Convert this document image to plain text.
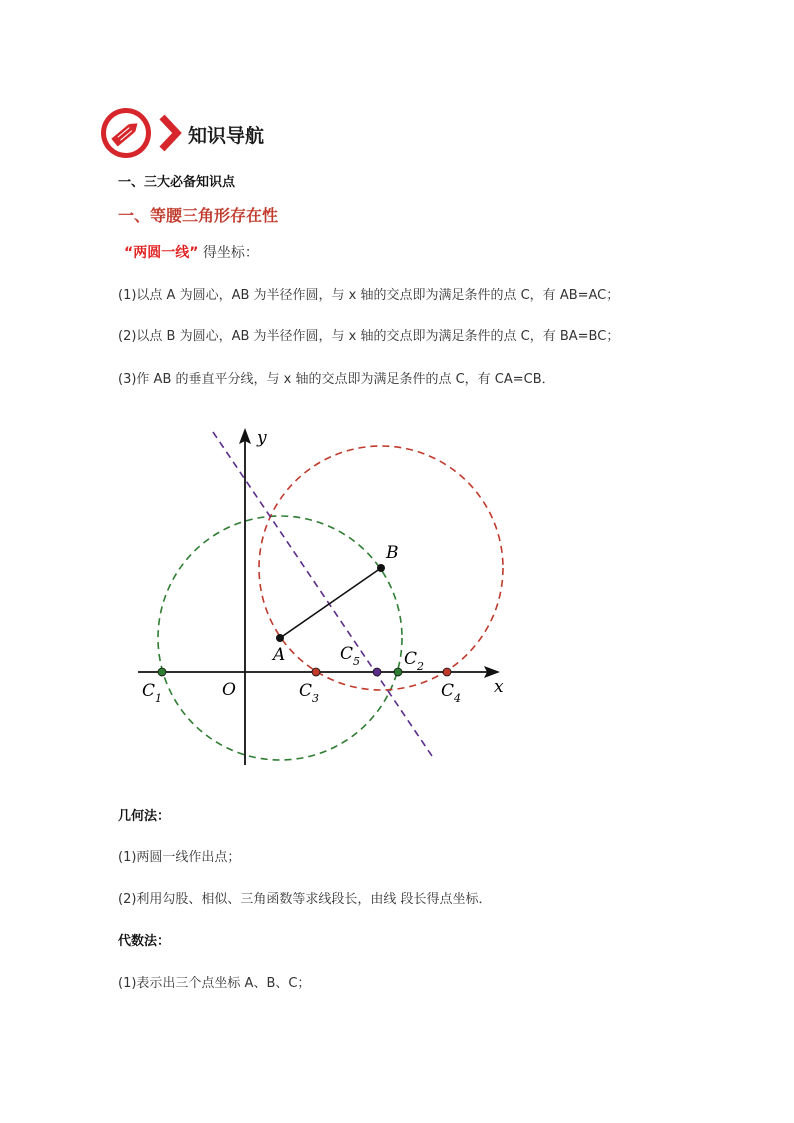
知识导航
一、三大必备知识点
一、等腰三角形存在性
“两圆一线” 得坐标：
(1)以点 A 为圆心，AB 为半径作圆，与 x 轴的交点即为满足条件的点 C，有 AB=AC；
(2)以点 B 为圆心，AB 为半径作圆，与 x 轴的交点即为满足条件的点 C，有 BA=BC；
(3)作 AB 的垂直平分线，与 x 轴的交点即为满足条件的点 C，有 CA=CB．
y
x
O
A
B
C 1
C 2
C 3	C 4
C 5
几何法：
(1)两圆一线作出点；
(2)利用勾股、相似、三角函数等求线段长，由线 段长得点坐标．
代数法：
(1)表示出三个点坐标 A、B、C；
